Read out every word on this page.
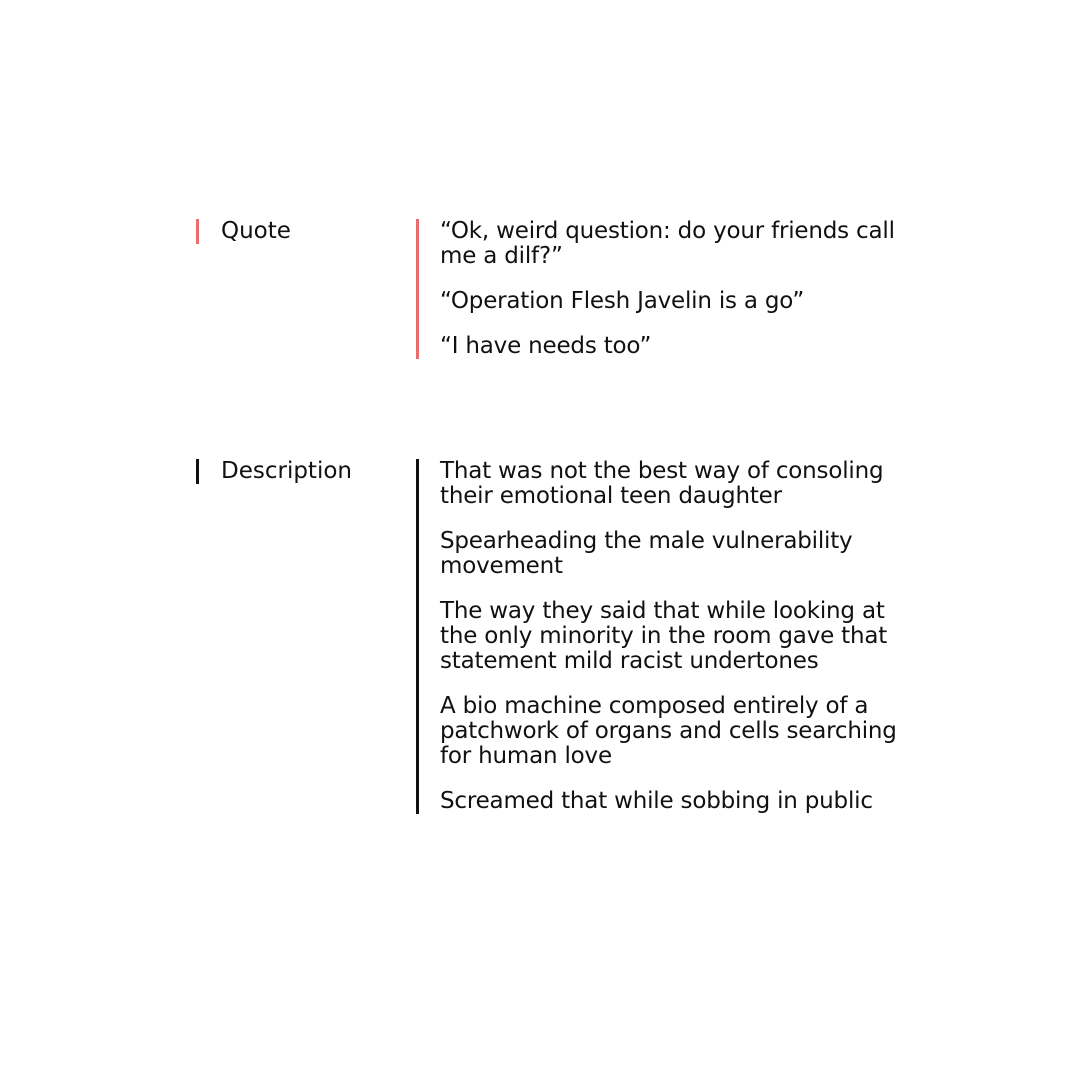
Quote	“Ok, weird question: do your friends call me a dilf?”

“Operation Flesh Javelin is a go”

“I have needs too”

Description	That was not the best way of consoling their emotional teen daughter

Spearheading the male vulnerability movement

The way they said that while looking at the only minority in the room gave that statement mild racist undertones

A bio machine composed entirely of a patchwork of organs and cells searching for human love

Screamed that while sobbing in public
